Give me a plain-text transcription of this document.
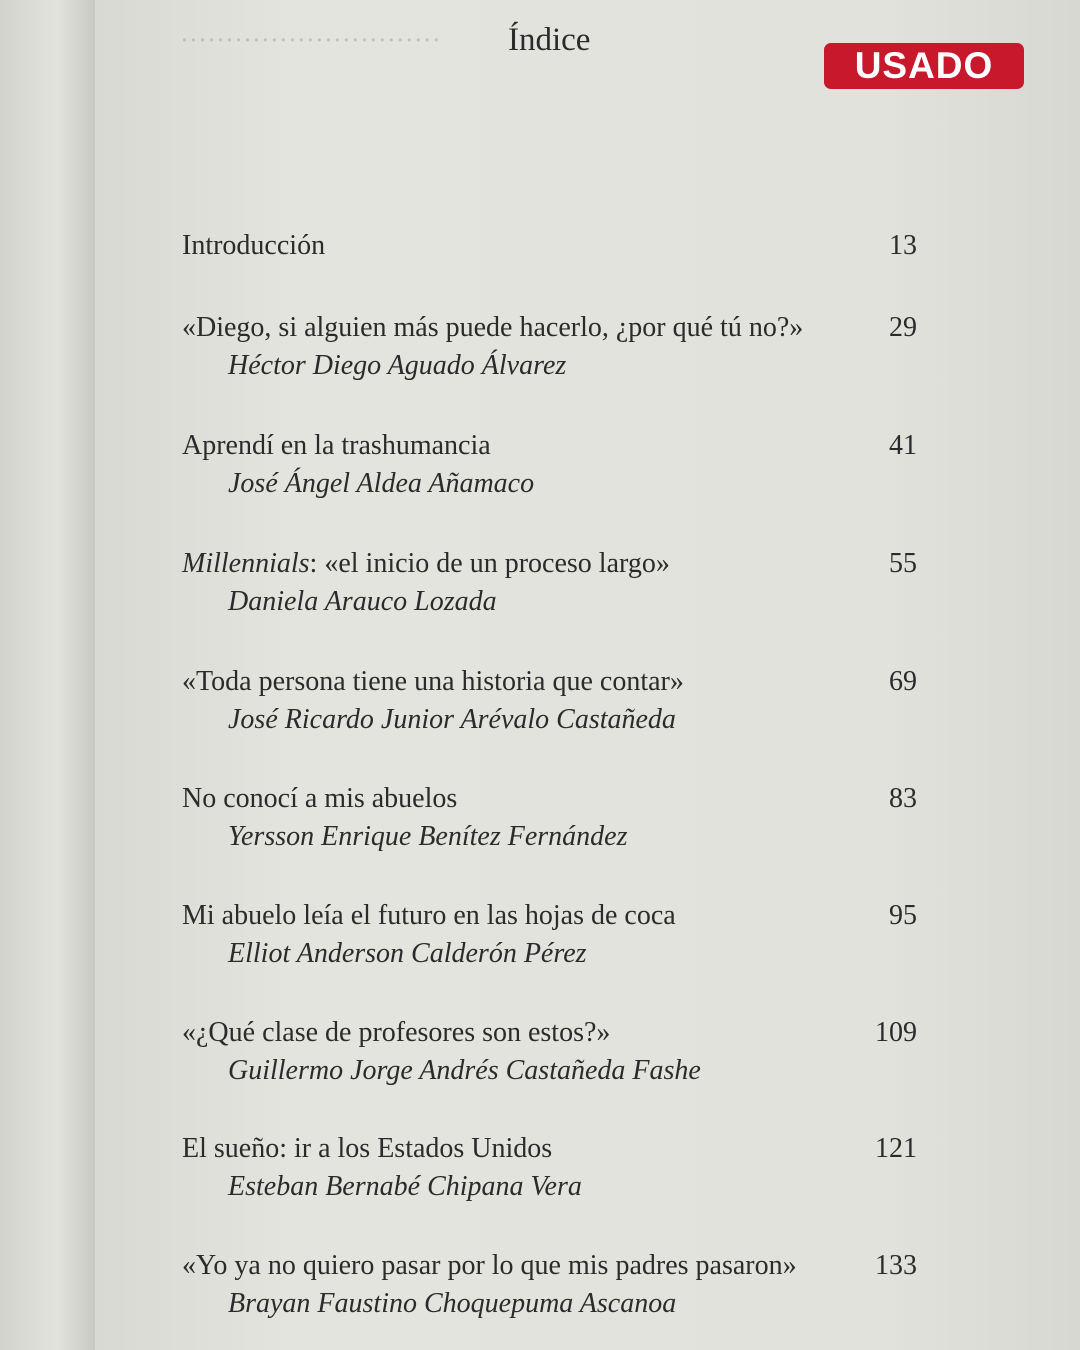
····························· Índice
USADO
Introducción	13
«Diego, si alguien más puede hacerlo, ¿por qué tú no?»	29
Héctor Diego Aguado Álvarez
Aprendí en la trashumancia	41
José Ángel Aldea Añamaco
Millennials: «el inicio de un proceso largo»	55
Daniela Arauco Lozada
«Toda persona tiene una historia que contar»	69
José Ricardo Junior Arévalo Castañeda
No conocí a mis abuelos	83
Yersson Enrique Benítez Fernández
Mi abuelo leía el futuro en las hojas de coca	95
Elliot Anderson Calderón Pérez
«¿Qué clase de profesores son estos?»	109
Guillermo Jorge Andrés Castañeda Fashe
El sueño: ir a los Estados Unidos	121
Esteban Bernabé Chipana Vera
«Yo ya no quiero pasar por lo que mis padres pasaron»	133
Brayan Faustino Choquepuma Ascanoa
